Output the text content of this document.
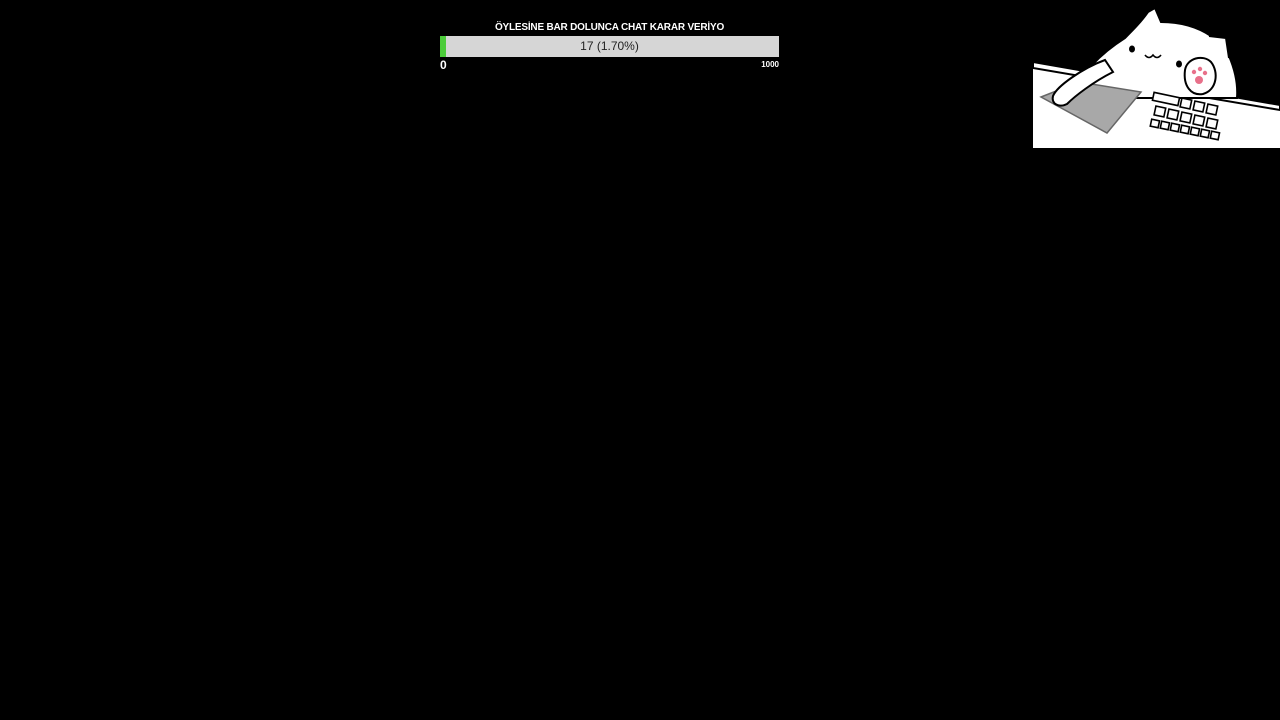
ÖYLESİNE BAR DOLUNCA CHAT KARAR VERİYO
17 (1.70%)
0	1000
